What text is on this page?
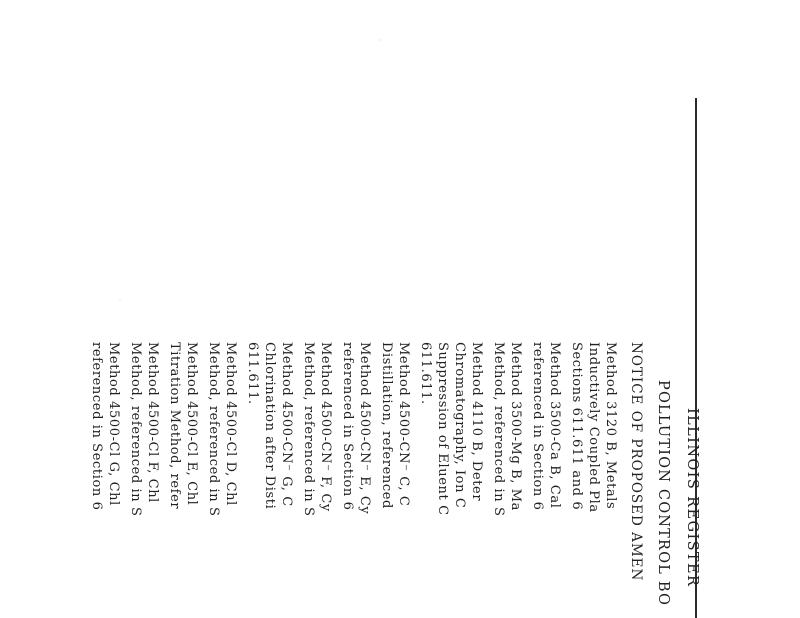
ILLINOIS REGISTER
POLLUTION CONTROL BO
NOTICE OF PROPOSED AMEN
Method 3120 B, Metals
Inductively Coupled Pla
Sections 611.611 and 6
Method 3500-Ca B, Cal
referenced in Section 6
Method 3500-Mg B, Ma
Method, referenced in S
Method 4110 B, Deter
Chromatography, Ion C
Suppression of Eluent C
611.611.
Method 4500-CN⁻ C, C
Distillation, referenced
Method 4500-CN⁻ E, Cy
referenced in Section 6
Method 4500-CN⁻ F, Cy
Method, referenced in S
Method 4500-CN⁻ G, C
Chlorination after Disti
611.611.
Method 4500-Cl D, Chl
Method, referenced in S
Method 4500-Cl E, Chl
Titration Method, refer
Method 4500-Cl F, Chl
Method, referenced in S
Method 4500-Cl G, Chl
referenced in Section 6
